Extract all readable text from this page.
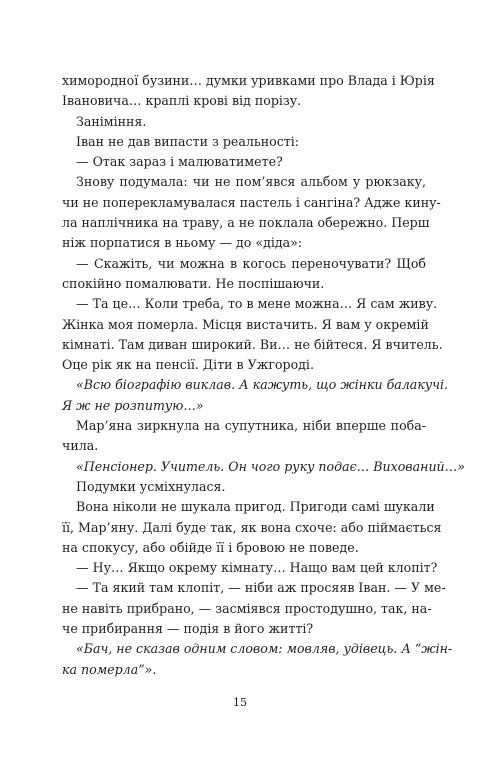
химородної бузини… думки уривками про Влада і Юрія
Івановича… краплі крові від порізу.
Заніміння.
Іван не дав випасти з реальності:
— Отак зараз і малюватимете?
Знову подумала: чи не пом’явся альбом у рюкзаку,
чи не поперекламувалася пастель і сангіна? Адже кину-
ла наплічника на траву, а не поклала обережно. Перш
ніж порпатися в ньому — до «діда»:
— Скажіть, чи можна в когось переночувати? Щоб
спокійно помалювати. Не поспішаючи.
— Та це… Коли треба, то в мене можна… Я сам живу.
Жінка моя померла. Місця вистачить. Я вам у окремій
кімнаті. Там диван широкий. Ви… не бійтеся. Я вчитель.
Оце рік як на пенсії. Діти в Ужгороді.
«Всю біографію виклав. А кажуть, що жінки балакучі.
Я ж не розпитую…»
Мар’яна зиркнула на супутника, ніби вперше поба-
чила.
«Пенсіонер. Учитель. Он чого руку подає… Вихований…»
Подумки усміхнулася.
Вона ніколи не шукала пригод. Пригоди самі шукали
її, Мар’яну. Далі буде так, як вона схоче: або піймається
на спокусу, або обійде її і бровою не поведе.
— Ну… Якщо окрему кімнату… Нащо вам цей клопіт?
— Та який там клопіт, — ніби аж просяяв Іван. — У ме-
не навіть прибрано, — засміявся простодушно, так, на-
че прибирання — подія в його житті?
«Бач, не сказав одним словом: мовляв, удівець. А “жін-
ка померла”».
15
